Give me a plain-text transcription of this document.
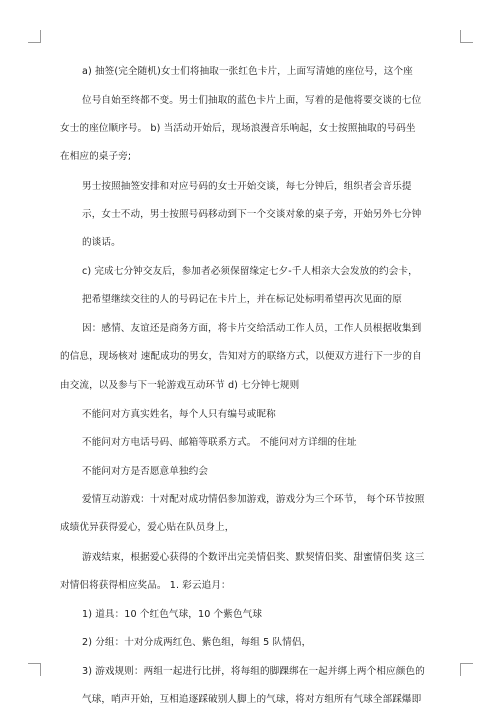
a) 抽签(完全随机)女士们将抽取一张红色卡片，上面写清她的座位号，这个座
位号自始至终都不变。男士们抽取的蓝色卡片上面，写着的是他将要交谈的七位
女士的座位顺序号。 b) 当活动开始后，现场浪漫音乐响起，女士按照抽取的号码坐
在相应的桌子旁;
男士按照抽签安排和对应号码的女士开始交谈，每七分钟后，组织者会音乐提
示，女士不动，男士按照号码移动到下一个交谈对象的桌子旁，开始另外七分钟
的谈话。
c) 完成七分钟交友后，参加者必须保留缘定七夕-千人相亲大会发放的约会卡，
把希望继续交往的人的号码记在卡片上，并在标记处标明希望再次见面的原
因：感情、友谊还是商务方面，将卡片交给活动工作人员，工作人员根据收集到
的信息，现场核对 速配成功的男女，告知对方的联络方式，以便双方进行下一步的自
由交流，以及参与下一轮游戏互动环节 d) 七分钟七规则
不能问对方真实姓名，每个人只有编号或昵称
不能问对方电话号码、邮箱等联系方式。 不能问对方详细的住址
不能问对方是否愿意单独约会
爱情互动游戏：十对配对成功情侣参加游戏，游戏分为三个环节， 每个环节按照
成绩优异获得爱心，爱心贴在队员身上，
游戏结束，根据爱心获得的个数评出完美情侣奖、默契情侣奖、甜蜜情侣奖 这三
对情侣将获得相应奖品。 1. 彩云追月：
1) 道具：10 个红色气球，10 个紫色气球
2) 分组：十对分成两红色、紫色组，每组 5 队情侣，
3) 游戏规则：两组一起进行比拼，将每组的脚踝绑在一起并绑上两个相应颜色的
气球，哨声开始，互相追逐踩破别人脚上的气球，将对方组所有气球全部踩爆即
